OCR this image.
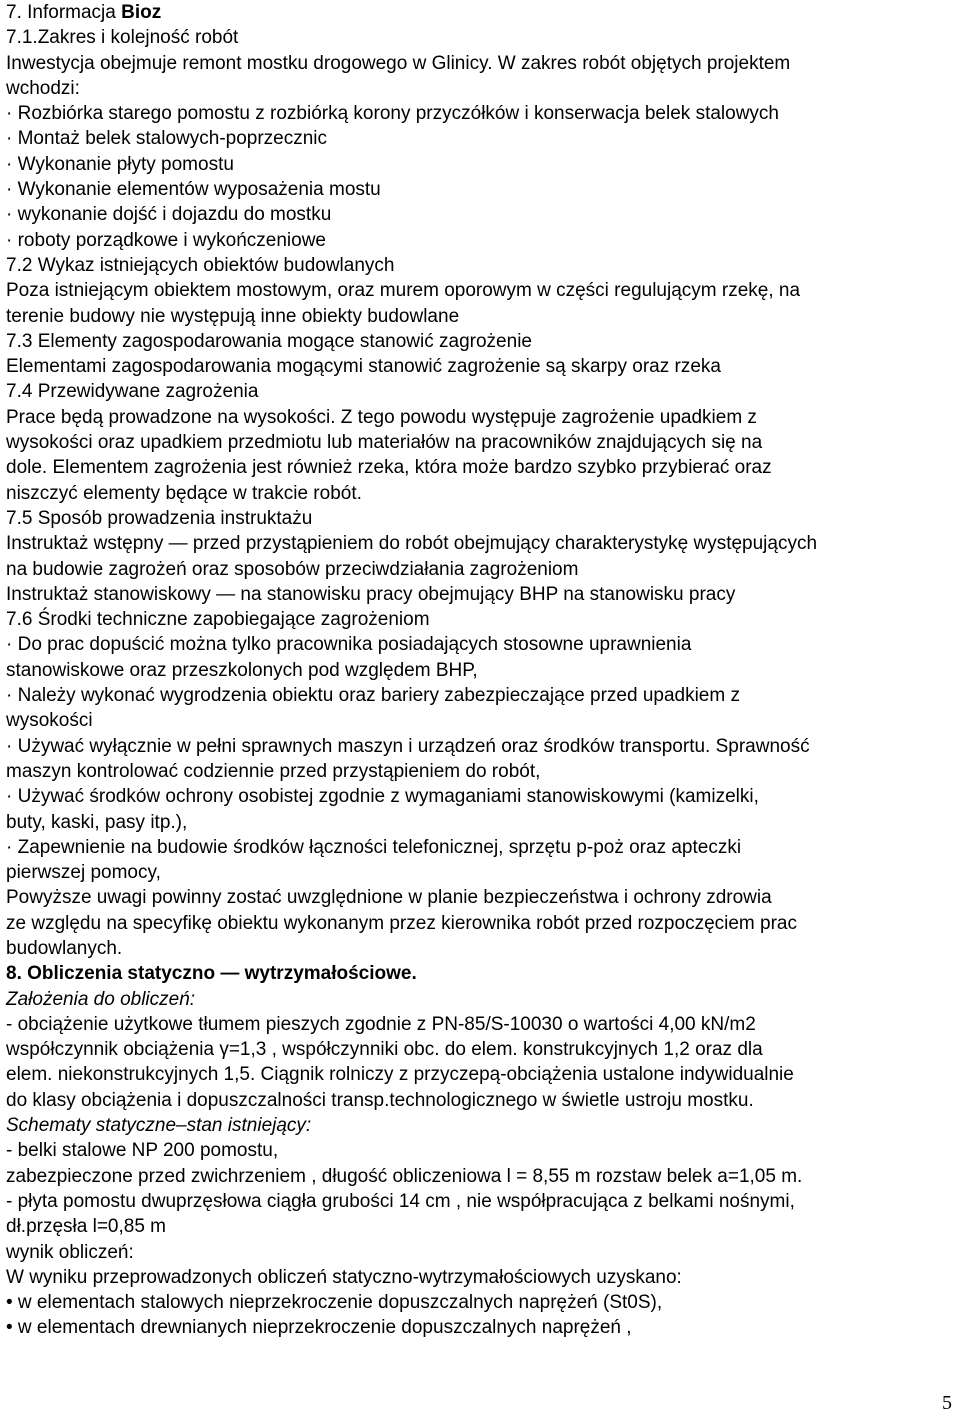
7. Informacja Bioz
7.1.Zakres i kolejność robót
Inwestycja obejmuje remont mostku drogowego w Glinicy. W zakres robót objętych projektem
wchodzi:
· Rozbiórka starego pomostu z rozbiórką korony przyczółków i konserwacja belek stalowych
· Montaż belek stalowych-poprzecznic
· Wykonanie płyty pomostu
· Wykonanie elementów wyposażenia mostu
· wykonanie dojść i dojazdu do mostku
· roboty porządkowe i wykończeniowe
7.2 Wykaz istniejących obiektów budowlanych
Poza istniejącym obiektem mostowym, oraz murem oporowym w części regulującym rzekę, na
terenie budowy nie występują inne obiekty budowlane
7.3 Elementy zagospodarowania mogące stanowić zagrożenie
Elementami zagospodarowania mogącymi stanowić zagrożenie są skarpy oraz rzeka
7.4 Przewidywane zagrożenia
Prace będą prowadzone na wysokości. Z tego powodu występuje zagrożenie upadkiem z
wysokości oraz upadkiem przedmiotu lub materiałów na pracowników znajdujących się na
dole. Elementem zagrożenia jest również rzeka, która może bardzo szybko przybierać oraz
niszczyć elementy będące w trakcie robót.
7.5 Sposób prowadzenia instruktażu
Instruktaż wstępny — przed przystąpieniem do robót obejmujący charakterystykę występujących
na budowie zagrożeń oraz sposobów przeciwdziałania zagrożeniom
Instruktaż stanowiskowy — na stanowisku pracy obejmujący BHP na stanowisku pracy
7.6 Środki techniczne zapobiegające zagrożeniom
· Do prac dopuścić można tylko pracownika posiadających stosowne uprawnienia
stanowiskowe oraz przeszkolonych pod względem BHP,
· Należy wykonać wygrodzenia obiektu oraz bariery zabezpieczające przed upadkiem z
wysokości
· Używać wyłącznie w pełni sprawnych maszyn i urządzeń oraz środków transportu. Sprawność
maszyn kontrolować codziennie przed przystąpieniem do robót,
· Używać środków ochrony osobistej zgodnie z wymaganiami stanowiskowymi (kamizelki,
buty, kaski, pasy itp.),
· Zapewnienie na budowie środków łączności telefonicznej, sprzętu p-poż oraz apteczki
pierwszej pomocy,
Powyższe uwagi powinny zostać uwzględnione w planie bezpieczeństwa i ochrony zdrowia
ze względu na specyfikę obiektu wykonanym przez kierownika robót przed rozpoczęciem prac
budowlanych.
8. Obliczenia statyczno — wytrzymałościowe.
Założenia do obliczeń:
- obciążenie użytkowe tłumem pieszych zgodnie z PN-85/S-10030 o wartości 4,00 kN/m2
współczynnik obciążenia γ=1,3 , współczynniki obc. do elem. konstrukcyjnych 1,2 oraz dla
elem. niekonstrukcyjnych 1,5. Ciągnik rolniczy z przyczepą-obciążenia ustalone indywidualnie
do klasy obciążenia i dopuszczalności transp.technologicznego w świetle ustroju mostku.
Schematy statyczne–stan istniejący:
- belki stalowe NP 200 pomostu,
zabezpieczone przed zwichrzeniem , długość obliczeniowa l = 8,55 m rozstaw belek a=1,05 m.
- płyta pomostu dwuprzęsłowa ciągła grubości 14 cm , nie współpracująca z belkami nośnymi,
dł.przęsła l=0,85 m
wynik obliczeń:
W wyniku przeprowadzonych obliczeń statyczno-wytrzymałościowych uzyskano:
• w elementach stalowych nieprzekroczenie dopuszczalnych naprężeń (St0S),
• w elementach drewnianych nieprzekroczenie dopuszczalnych naprężeń ,
5
